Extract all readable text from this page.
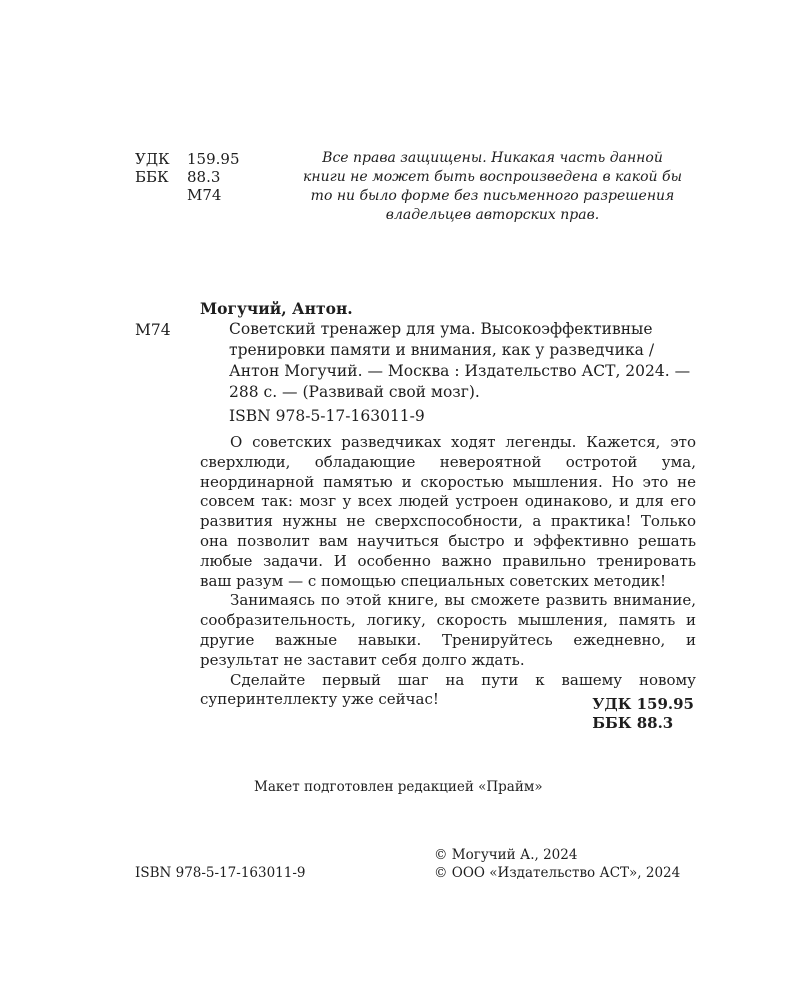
УДК	159.95
ББК	88.3
М74
Все права защищены. Никакая часть данной
книги не может быть воспроизведена в какой бы
то ни было форме без письменного разрешения
владельцев авторских прав.
Могучий, Антон.
М74	Советский тренажер для ума. Высокоэффективные
тренировки памяти и внимания, как у разведчика /
Антон Могучий. — Москва : Издательство АСТ, 2024. —
288 с. — (Развивай свой мозг).
ISBN 978-5-17-163011-9

О советских разведчиках ходят легенды. Кажется, это сверхлюди, обладающие невероятной остротой ума, неординарной памятью и скоростью мышления. Но это не совсем так: мозг у всех людей устроен одинаково, и для его развития нужны не сверхспособности, а практика! Только она позволит вам научиться быстро и эффективно решать любые задачи. И особенно важно правильно тренировать ваш разум — с помощью специальных советских методик!

Занимаясь по этой книге, вы сможете развить внимание, сообразительность, логику, скорость мышления, память и другие важные навыки. Тренируйтесь ежедневно, и результат не заставит себя долго ждать.

Сделайте первый шаг на пути к вашему новому суперинтеллекту уже сейчас!	УДК 159.95
ББК 88.3
Макет подготовлен редакцией «Прайм»
© Могучий А., 2024
© ООО «Издательство АСТ», 2024
ISBN 978-5-17-163011-9
